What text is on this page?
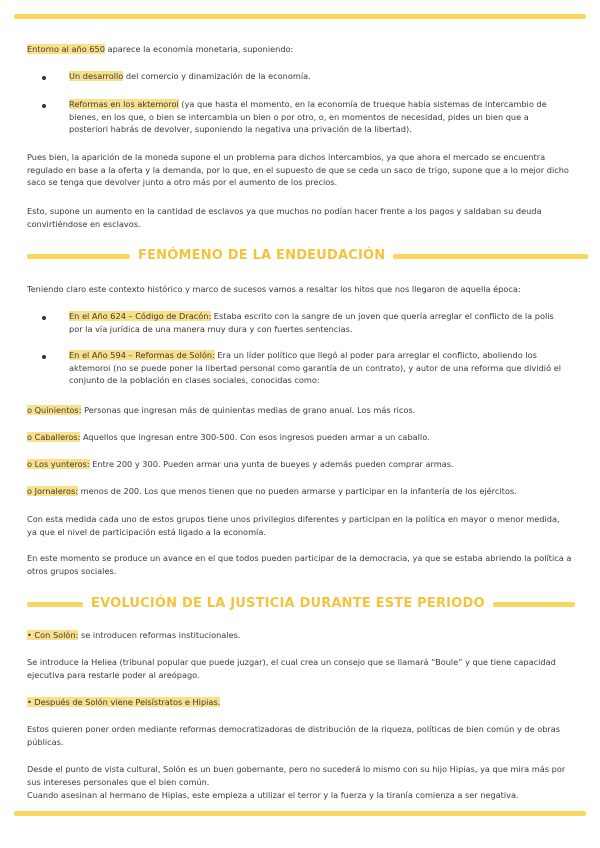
Entorno al año 650 aparece la economía monetaria, suponiendo:

Un desarrollo del comercio y dinamización de la economía.

Reformas en los aktemoroi (ya que hasta el momento, en la economía de trueque había sistemas de intercambio de bienes, en los que, o bien se intercambia un bien o por otro, o, en momentos de necesidad, pides un bien que a posteriori habrás de devolver, suponiendo la negativa una privación de la libertad).

Pues bien, la aparición de la moneda supone el un problema para dichos intercambios, ya que ahora el mercado se encuentra regulado en base a la oferta y la demanda, por lo que, en el supuesto de que se ceda un saco de trigo, supone que a lo mejor dicho saco se tenga que devolver junto a otro más por el aumento de los precios.

Esto, supone un aumento en la cantidad de esclavos ya que muchos no podían hacer frente a los pagos y saldaban su deuda convirtiéndose en esclavos.

FENÓMENO DE LA ENDEUDACIÓN

Teniendo claro este contexto histórico y marco de sucesos vamos a resaltar los hitos que nos llegaron de aquella época:

En el Año 624 – Código de Dracón: Estaba escrito con la sangre de un joven que quería arreglar el conflicto de la polis por la vía jurídica de una manera muy dura y con fuertes sentencias.

En el Año 594 – Reformas de Solón: Era un líder político que llegó al poder para arreglar el conflicto, aboliendo los aktemoroi (no se puede poner la libertad personal como garantía de un contrato), y autor de una reforma que dividió el conjunto de la población en clases sociales, conocidas como:

o Quinientos: Personas que ingresan más de quinientas medias de grano anual. Los más ricos.

o Caballeros: Aquellos que ingresan entre 300-500. Con esos ingresos pueden armar a un caballo.

o Los yunteros: Entre 200 y 300. Pueden armar una yunta de bueyes y además pueden comprar armas.

o Jornaleros: menos de 200. Los que menos tienen que no pueden armarse y participar en la infantería de los ejércitos.

Con esta medida cada uno de estos grupos tiene unos privilegios diferentes y participan en la política en mayor o menor medida, ya que el nivel de participación está ligado a la economía.

En este momento se produce un avance en el que todos pueden participar de la democracia, ya que se estaba abriendo la política a otros grupos sociales.

EVOLUCIÓN DE LA JUSTICIA DURANTE ESTE PERIODO

• Con Solón: se introducen reformas institucionales.

Se introduce la Heliea (tribunal popular que puede juzgar), el cual crea un consejo que se llamará “Boule” y que tiene capacidad ejecutiva para restarle poder al areópago.

• Después de Solón viene Peisístratos e Hipias.

Estos quieren poner orden mediante reformas democratizadoras de distribución de la riqueza, políticas de bien común y de obras públicas.

Desde el punto de vista cultural, Solón es un buen gobernante, pero no sucederá lo mismo con su hijo Hipias, ya que mira más por sus intereses personales que el bien común.

Cuando asesinan al hermano de Hipias, este empieza a utilizar el terror y la fuerza y la tiranía comienza a ser negativa.
